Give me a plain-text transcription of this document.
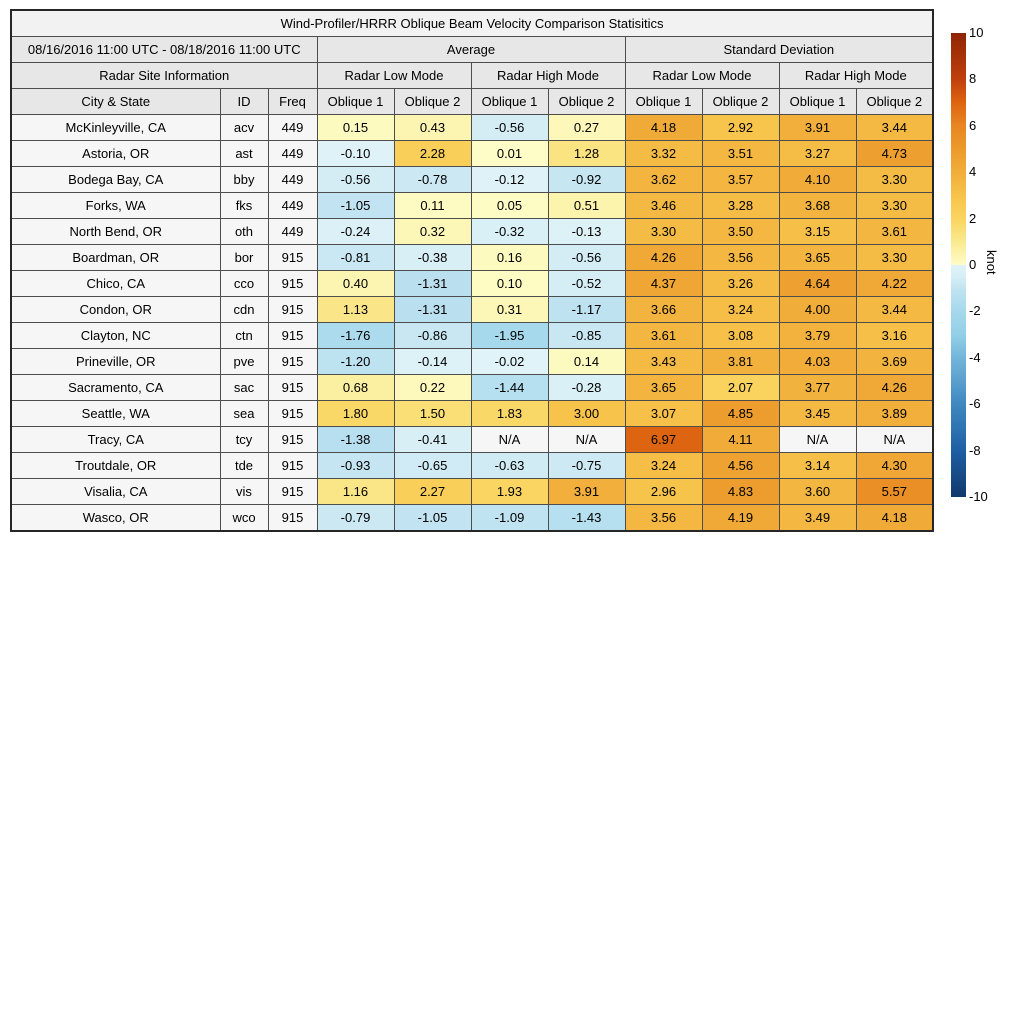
Wind-Profiler/HRRR Oblique Beam Velocity Comparison Statisitics										
08/16/2016 11:00 UTC - 08/18/2016 11:00 UTC			Average				Standard Deviation			
Radar Site Information			Radar Low Mode		Radar High Mode		Radar Low Mode		Radar High Mode	
City & State	ID	Freq	Oblique 1	Oblique 2	Oblique 1	Oblique 2	Oblique 1	Oblique 2	Oblique 1	Oblique 2
McKinleyville, CA	acv	449	0.15	0.43	-0.56	0.27	4.18	2.92	3.91	3.44
Astoria, OR	ast	449	-0.10	2.28	0.01	1.28	3.32	3.51	3.27	4.73
Bodega Bay, CA	bby	449	-0.56	-0.78	-0.12	-0.92	3.62	3.57	4.10	3.30
Forks, WA	fks	449	-1.05	0.11	0.05	0.51	3.46	3.28	3.68	3.30
North Bend, OR	oth	449	-0.24	0.32	-0.32	-0.13	3.30	3.50	3.15	3.61
Boardman, OR	bor	915	-0.81	-0.38	0.16	-0.56	4.26	3.56	3.65	3.30
Chico, CA	cco	915	0.40	-1.31	0.10	-0.52	4.37	3.26	4.64	4.22
Condon, OR	cdn	915	1.13	-1.31	0.31	-1.17	3.66	3.24	4.00	3.44
Clayton, NC	ctn	915	-1.76	-0.86	-1.95	-0.85	3.61	3.08	3.79	3.16
Prineville, OR	pve	915	-1.20	-0.14	-0.02	0.14	3.43	3.81	4.03	3.69
Sacramento, CA	sac	915	0.68	0.22	-1.44	-0.28	3.65	2.07	3.77	4.26
Seattle, WA	sea	915	1.80	1.50	1.83	3.00	3.07	4.85	3.45	3.89
Tracy, CA	tcy	915	-1.38	-0.41	N/A	N/A	6.97	4.11	N/A	N/A
Troutdale, OR	tde	915	-0.93	-0.65	-0.63	-0.75	3.24	4.56	3.14	4.30
Visalia, CA	vis	915	1.16	2.27	1.93	3.91	2.96	4.83	3.60	5.57
Wasco, OR	wco	915	-0.79	-1.05	-1.09	-1.43	3.56	4.19	3.49	4.18
10
8
6
4
2
0
-2
-4
-6
-8
-10
knot
